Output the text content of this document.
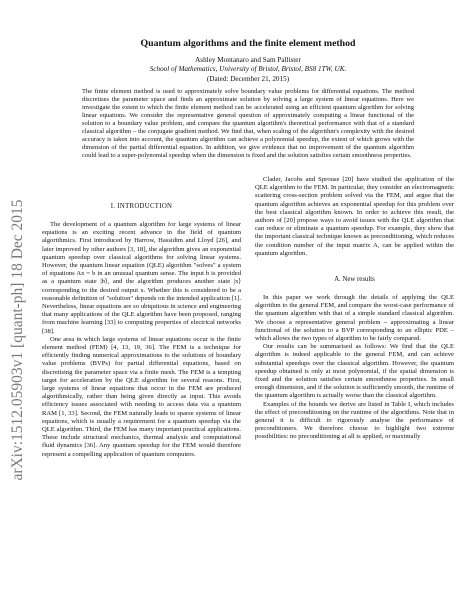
arXiv:1512.05903v1 [quant-ph] 18 Dec 2015
Quantum algorithms and the finite element method
Ashley Montanaro and Sam Pallister
School of Mathematics, University of Bristol, Bristol, BS8 1TW, UK.
(Dated: December 21, 2015)

The finite element method is used to approximately solve boundary value problems for differential equations. The method discretises the parameter space and finds an approximate solution by solving a large system of linear equations. Here we investigate the extent to which the finite element method can be accelerated using an efficient quantum algorithm for solving linear equations. We consider the representative general question of approximately computing a linear functional of the solution to a boundary value problem, and compare the quantum algorithm's theoretical performance with that of a standard classical algorithm – the conjugate gradient method. We find that, when scaling of the algorithm's complexity with the desired accuracy is taken into account, the quantum algorithm can achieve a polynomial speedup, the extent of which grows with the dimension of the partial differential equation. In addition, we give evidence that no improvement of the quantum algorithm could lead to a super-polynomial speedup when the dimension is fixed and the solution satisfies certain smoothness properties.

I. INTRODUCTION

The development of a quantum algorithm for large systems of linear equations is an exciting recent advance in the field of quantum algorithmics. First introduced by Harrow, Hassidim and Lloyd [26], and later improved by other authors [3, 18], the algorithm gives an exponential quantum speedup over classical algorithms for solving linear systems. However, the quantum linear equation (QLE) algorithm "solves" a system of equations Ax = b in an unusual quantum sense. The input b is provided as a quantum state |b⟩, and the algorithm produces another state |x⟩ corresponding to the desired output x. Whether this is considered to be a reasonable definition of "solution" depends on the intended application [1]. Nevertheless, linear equations are so ubiquitous in science and engineering that many applications of the QLE algorithm have been proposed, ranging from machine learning [33] to computing properties of electrical networks [38].

One area in which large systems of linear equations occur is the finite element method (FEM) [4, 13, 19, 36]. The FEM is a technique for efficiently finding numerical approximations to the solutions of boundary value problems (BVPs) for partial differential equations, based on discretising the parameter space via a finite mesh. The FEM is a tempting target for acceleration by the QLE algorithm for several reasons. First, large systems of linear equations that occur in the FEM are produced algorithmically, rather than being given directly as input. This avoids efficiency issues associated with needing to access data via a quantum RAM [1, 33]. Second, the FEM naturally leads to sparse systems of linear equations, which is usually a requirement for a quantum speedup via the QLE algorithm. Third, the FEM has many important practical applications. These include structural mechanics, thermal analysis and computational fluid dynamics [36]. Any quantum speedup for the FEM would therefore represent a compelling application of quantum computers.

Clader, Jacobs and Sprouse [20] have studied the application of the QLE algorithm to the FEM. In particular, they consider an electromagnetic scattering cross-section problem solved via the FEM, and argue that the quantum algorithm achieves an exponential speedup for this problem over the best classical algorithm known. In order to achieve this result, the authors of [20] propose ways to avoid issues with the QLE algorithm that can reduce or eliminate a quantum speedup. For example, they show that the important classical technique known as preconditioning, which reduces the condition number of the input matrix A, can be applied within the quantum algorithm.

A. New results

In this paper we work through the details of applying the QLE algorithm to the general FEM, and compare the worst-case performance of the quantum algorithm with that of a simple standard classical algorithm. We choose a representative general problem – approximating a linear functional of the solution to a BVP corresponding to an elliptic PDE – which allows the two types of algorithm to be fairly compared.

Our results can be summarised as follows: We find that the QLE algorithm is indeed applicable to the general FEM, and can achieve substantial speedups over the classical algorithm. However, the quantum speedup obtained is only at most polynomial, if the spatial dimension is fixed and the solution satisfies certain smoothness properties. In small enough dimension, and if the solution is sufficiently smooth, the runtime of the quantum algorithm is actually worse than the classical algorithm.

Examples of the bounds we derive are listed in Table I, which includes the effect of preconditioning on the runtime of the algorithms. Note that in general it is difficult to rigorously analyse the performance of preconditioners. We therefore choose to highlight two extreme possibilities: no preconditioning at all is applied, or maximally
